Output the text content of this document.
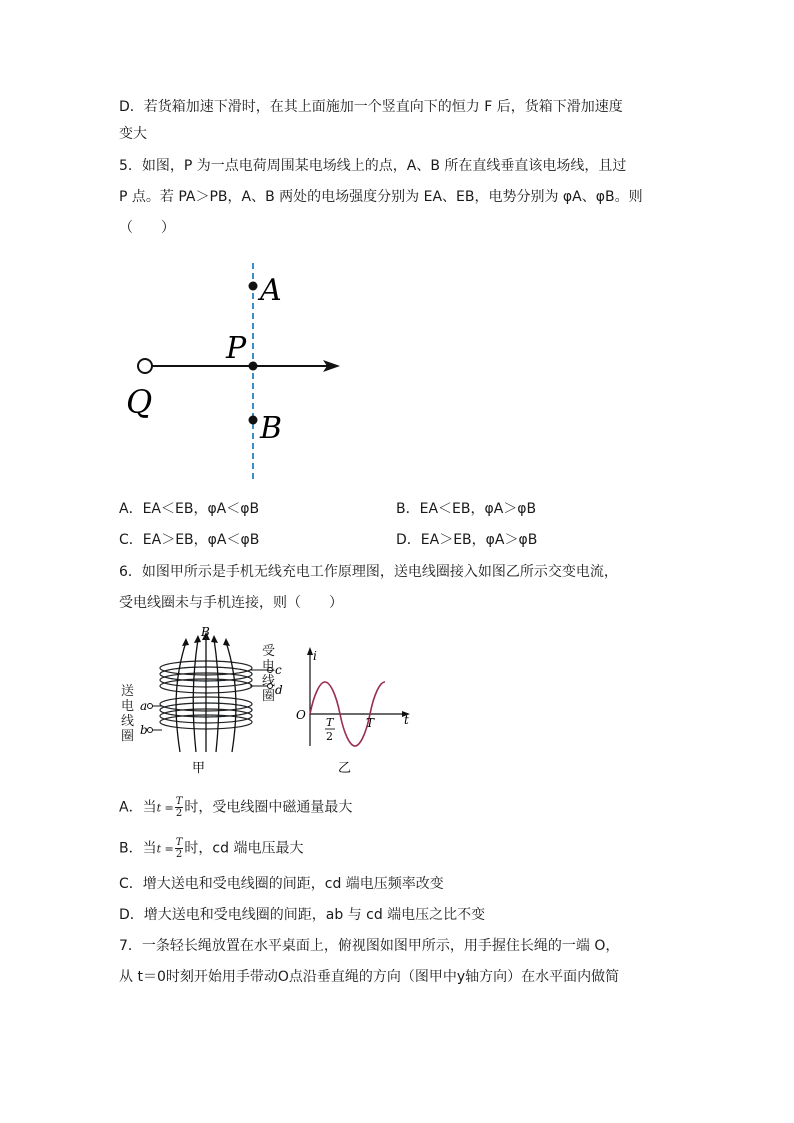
D．若货箱加速下滑时，在其上面施加一个竖直向下的恒力 F 后，货箱下滑加速度
变大
5．如图，P 为一点电荷周围某电场线上的点，A、B 所在直线垂直该电场线，且过
P 点。若 PA＞PB，A、B 两处的电场强度分别为 EA、EB，电势分别为 φA、φB。则
（　　）
A
P
Q
B
A．EA＜EB，φA＜φB	B．EA＜EB，φA＞φB
C．EA＞EB，φA＜φB	D．EA＞EB，φA＞φB
6．如图甲所示是手机无线充电工作原理图，送电线圈接入如图乙所示交变电流，
受电线圈未与手机连接，则（　　）
B
c
d
a
b
甲
受电线圈
送电线圈
i
O	t
T
T
2
乙
A．当$t = \frac{T}{2}$ 时，受电线圈中磁通量最大
B．当$t = \frac{T}{2}$ 时，cd 端电压最大
C．增大送电和受电线圈的间距，cd 端电压频率改变
D．增大送电和受电线圈的间距，ab 与 cd 端电压之比不变
7．一条轻长绳放置在水平桌面上，俯视图如图甲所示，用手握住长绳的一端 O，
从 t＝0时刻开始用手带动O点沿垂直绳的方向（图甲中y轴方向）在水平面内做简
